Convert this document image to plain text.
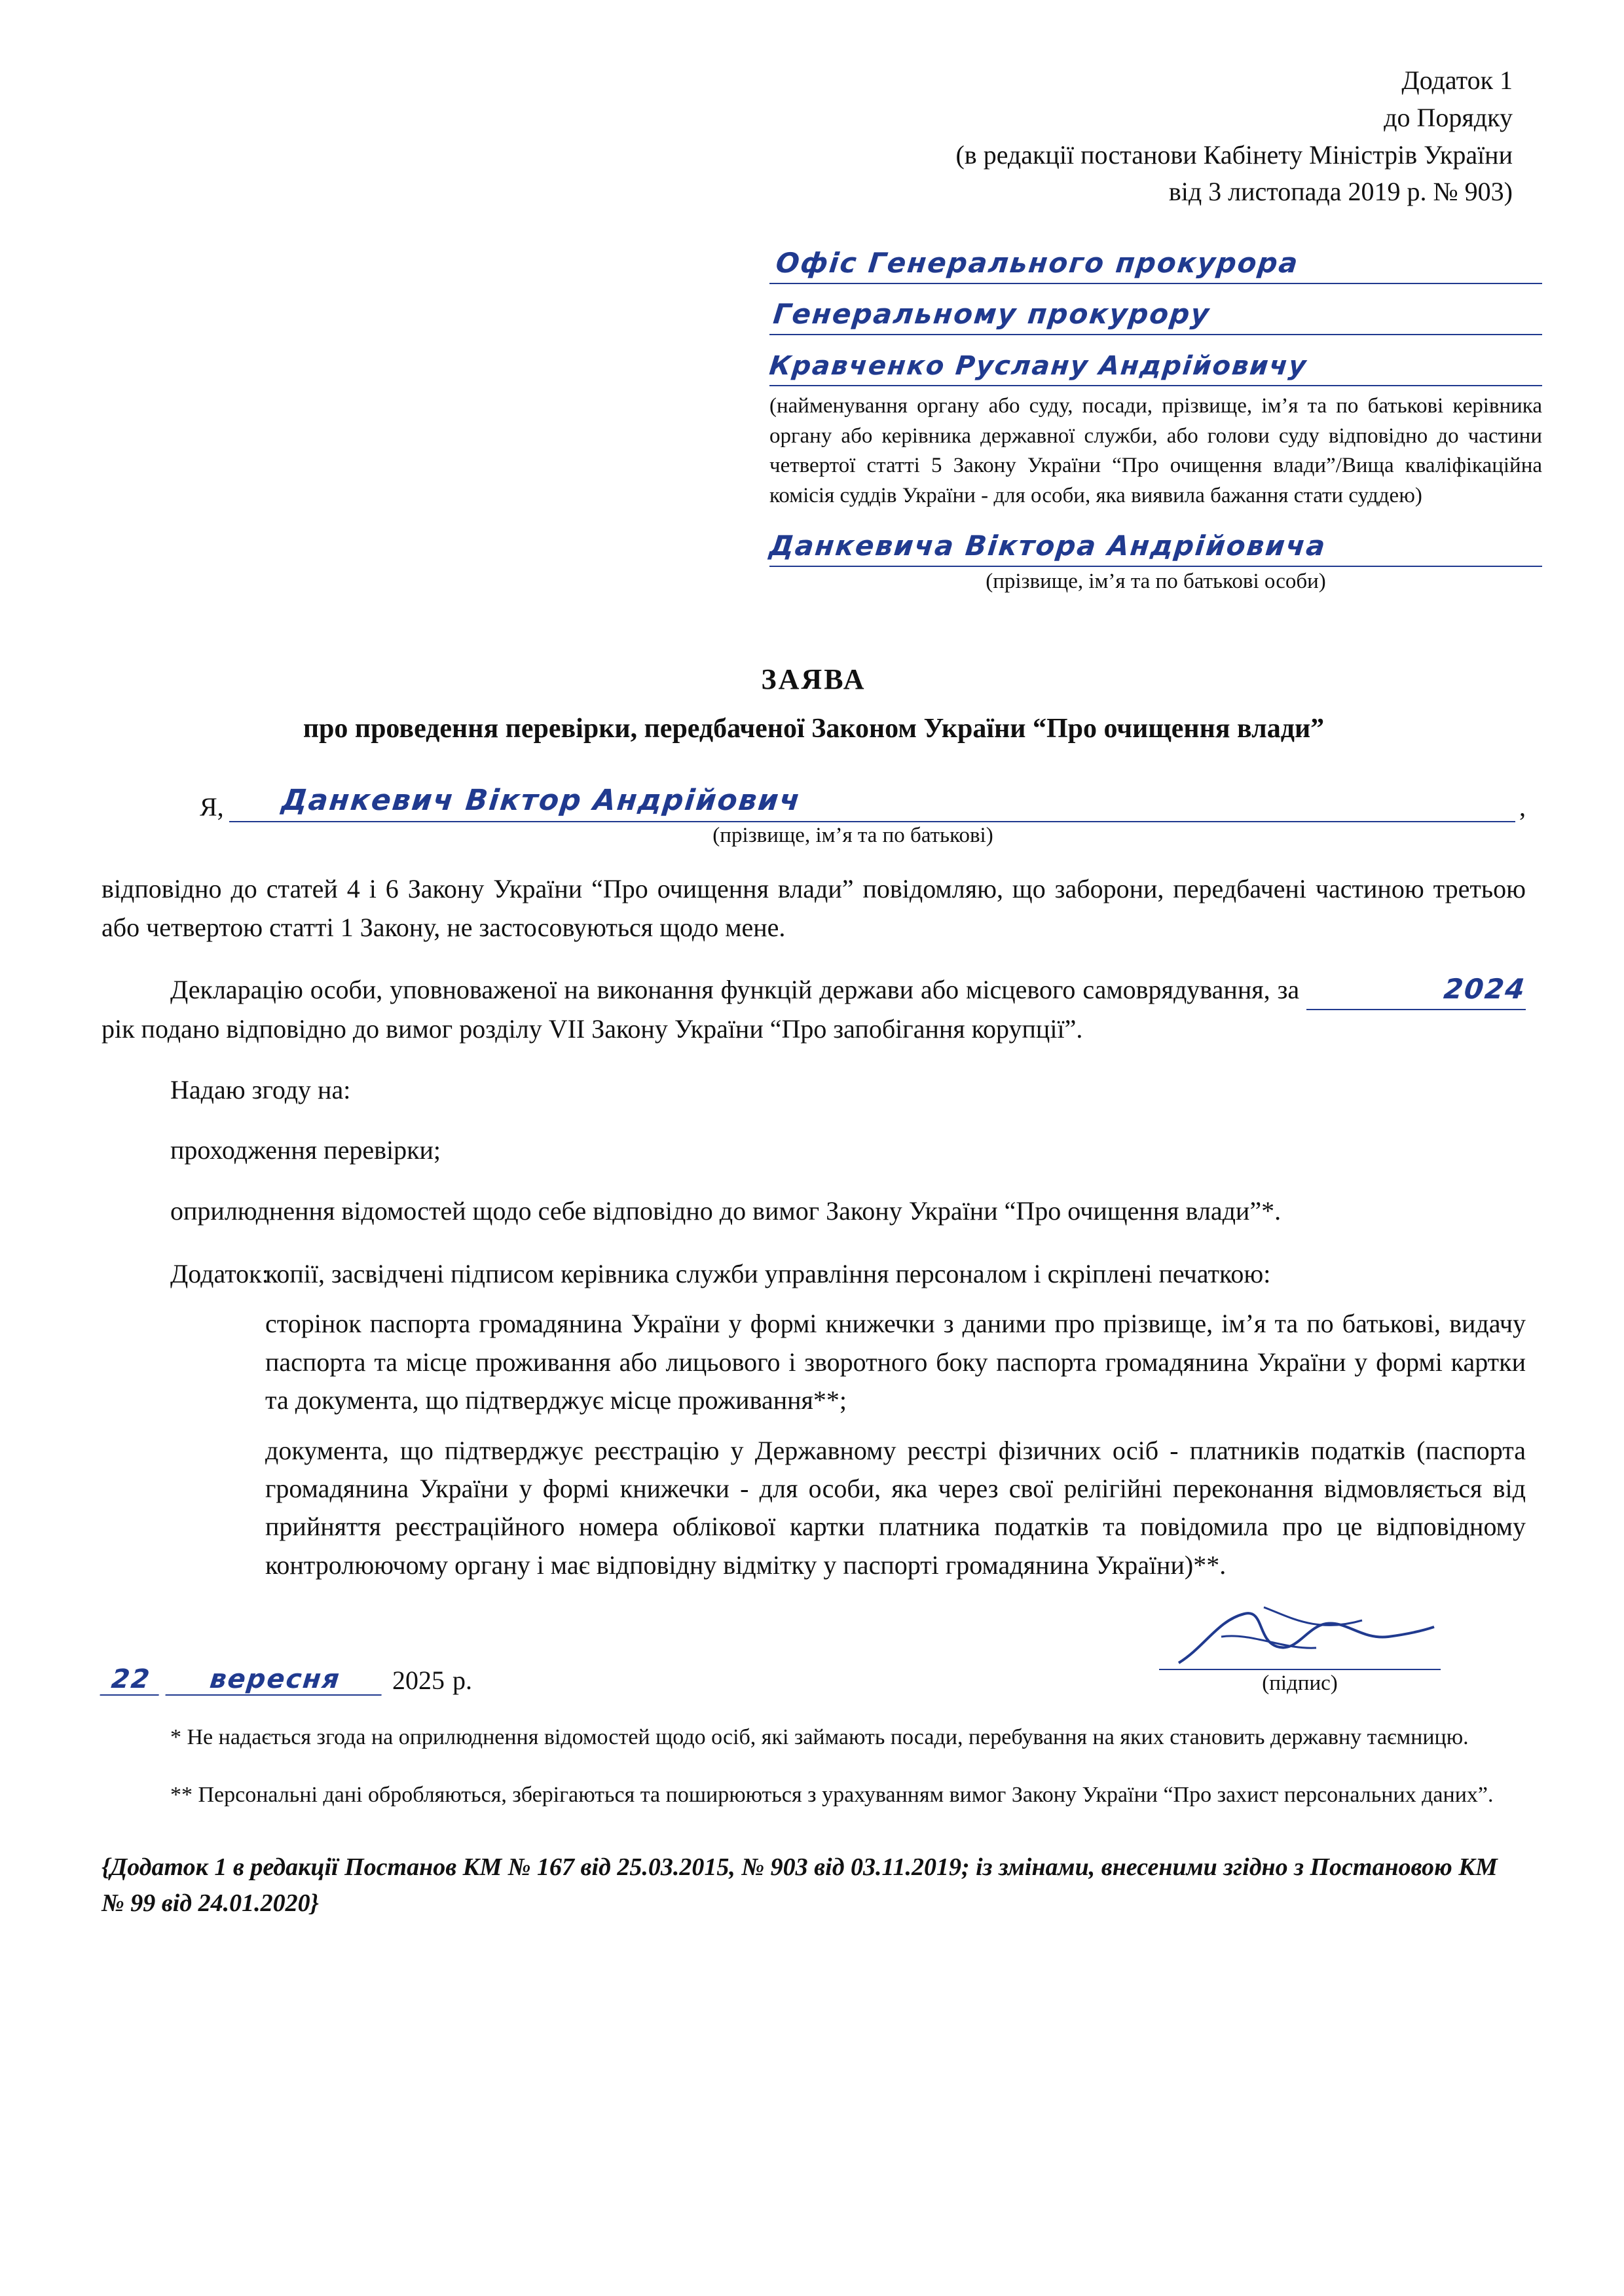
Додаток 1
до Порядку
(в редакції постанови Кабінету Міністрів України
від 3 листопада 2019 р. № 903)
Офіс Генерального прокурора
Генеральному прокурору
Кравченко Руслану Андрійовичу
(найменування органу або суду, посади, прізвище, ім’я та по батькові керівника органу або керівника державної служби, або голови суду відповідно до частини четвертої статті 5 Закону України “Про очищення влади”/Вища кваліфікаційна комісія суддів України - для особи, яка виявила бажання стати суддею)
Данкевича Віктора Андрійовича
(прізвище, ім’я та по батькові особи)
ЗАЯВА
про проведення перевірки, передбаченої Законом України “Про очищення влади”
Я, Данкевич Віктор Андрійович	,
(прізвище, ім’я та по батькові)

відповідно до статей 4 і 6 Закону України “Про очищення влади” повідомляю, що заборони, передбачені частиною третьою або четвертою статті 1 Закону, не застосовуються щодо мене.

Декларацію особи, уповноваженої на виконання функцій держави або місцевого самоврядування, за	2024 рік подано відповідно до вимог розділу VII Закону України “Про запобігання корупції”.

Надаю згоду на:

проходження перевірки;

оприлюднення відомостей щодо себе відповідно до вимог Закону України “Про очищення влади”*.

Додаток:

копії, засвідчені підписом керівника служби управління персоналом і скріплені печаткою:

сторінок паспорта громадянина України у формі книжечки з даними про прізвище, ім’я та по батькові, видачу паспорта та місце проживання або лицьового і зворотного боку паспорта громадянина України у формі картки та документа, що підтверджує місце проживання**;

документа, що підтверджує реєстрацію у Державному реєстрі фізичних осіб - платників податків (паспорта громадянина України у формі книжечки - для особи, яка через свої релігійні переконання відмовляється від прийняття реєстраційного номера облікової картки платника податків та повідомила про це відповідному контролюючому органу і має відповідну відмітку у паспорті громадянина України)**.

22	вересня	2025 р.	(підпис)

* Не надається згода на оприлюднення відомостей щодо осіб, які займають посади, перебування на яких становить державну таємницю.

** Персональні дані обробляються, зберігаються та поширюються з урахуванням вимог Закону України “Про захист персональних даних”.

{Додаток 1 в редакції Постанов КМ № 167 від 25.03.2015, № 903 від 03.11.2019; із змінами, внесеними згідно з Постановою КМ № 99 від 24.01.2020}
